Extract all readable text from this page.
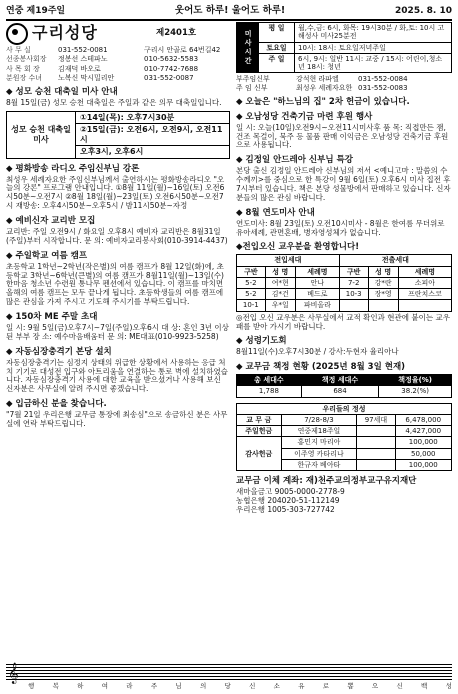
연중 제19주일	웃어도 하루! 울어도 하루!	2025. 8. 10
구리성당	제2401호
사 무 실	031-552-0081	구리시 안골로 64번길42
선종봉사회장	정봉선 스테파노	010-5632-5583
사 목 회 장	김재덕 바오로	010-7742-7688
분원장 수녀	노복신 막시밀리안	031-552-0087
◆ 성모 승천 대축일 미사 안내

8월 15일(금) 성모 승천 대축일은 주일과 같은 의무 대축일입니다.

성모 승천 대축일 미사
①14일(목): 오후7시30분
②15일(금): 오전6시, 오전9시, 오전11시
오후3시, 오후6시
◆ 평화방송 라디오 주임신부님 강론

최성우 세례자요한 주임신부님께서 출연하시는 평화방송라디오 "오늘의 강론" 프로그램 안내입니다. ①8월 11일(월)~16일(토) 오전6시50분~오전7시 ②8월 18일(월)~23일(토) 오전6시50분~오전7시 재방송: 오후4시50분~오후5시 / 밤11시50분~자정

◆ 예비신자 교리반 모집

교리반: 주일 오전9시 / 화요일 오후8시 예비자 교리반은 8월31일(주일)부터 시작합니다. 문 의: 예비자교리봉사회(010-3914-4437)

◆ 주일학교 여름 캠프

초등학교 1학년~2학년(작은별)의 여름 캠프가 8월 12일(화)에, 초등학교 3학년~6학년(큰별)의 여름 캠프가 8월11일(월)~13일(수) 한마음 청소년 수련원 통나무 펜션에서 있습니다. 이 캠프를 마치면 올해의 여름 캠프는 모두 끝나게 됩니다. 초등학생들의 여름 캠프에 많은 관심을 가져 주시고 기도해 주시기를 부탁드립니다.

◆ 150차 ME 주말 초대

일 시: 9월 5일(금)오후7시~7일(주일)오후6시 대 상: 혼인 3년 이상된 부부 장 소: 예수마음배움터 문 의: ME대표(010-9923-5258)

◆ 자동심장충격기 본당 설치

자동심장충격기는 심정지 상태의 위급한 상황에서 사용하는 응급 처치 기기로 대성전 입구와 아트리움을 연결하는 통로 벽에 설치하였습니다. 자동심장충격기 사용에 대한 교육을 받으셨거나 사용해 보신 신자분은 사무실에 알려 주시면 좋겠습니다.

◆ 입금하신 분을 찾습니다.

"7월 21일 우리은행 교무금 통장에 최송심"으로 송금하신 분은 사무실에 연락 부탁드립니다.

미사시간
평 일	월,수,금: 6시, 화목: 19시30분 / 화,토: 10시 고해성사 미사25분전
토요일	10시: 18시: 토요일저녁주일
주 일	6시, 9시: 일반 11시: 교중 / 15시: 어린이,청소년 18시: 청년
부주임신부	강석현 라파엘	031-552-0084
주 임 신부	최성우 세례자요한 031-552-0083
◆ 오늘은 "하느님의 집" 2차 헌금이 있습니다.
◆ 오남성당 건축기금 마련 후원 행사

일 시: 오늘(10일)오전9시~오전11시미사후 품 목: 직접만든 잼, 건조 목걸이, 묵주 등 물품 판매 이익금은 오남성당 건축기금 후원으로 사용됩니다.

◆ 김정일 안드레아 신부님 특강

본당 출신 김정일 안드레아 신부님의 저서 <예니고마 : 말씀의 수수께끼>를 중심으로 한 특강이 9월 6일(토) 오후6시 미사 집전 후 7시부터 있습니다. 책은 본당 성물방에서 판매하고 있습니다. 신자분들의 많은 관심 바랍니다.

◆ 8월 연도미사 안내

연도미사: 8월 23일(토) 오전10시미사 - 8월은 한여름 무더위로 유아세례, 관면혼배, 병자영성체가 없습니다.

◆전입오신 교우분을 환영합니다!
전입세대			전출세대		
구반	성 명	세례명	구반	성 명	세례명
5-2	여*현	안나	7-2	강*란	소피아
5-2	김*건	베드로	10-3	장*영	프란치스코
10-1	우*일	파비올라			

◎전입 오신 교우분은 사무실에서 교적 확인과 현관에 붙이는 교우패를 받아 가시기 바랍니다.

◆ 성령기도회

8월11일(수)오후7시30분 / 강사:두현자 율리아나

◆ 교무금 책정 현황 (2025년 8월 3일 현재)
총 세대수	책정 세대수	책정율(%)
1,788	684	38.2(%)
우리들의 정성			
교 무 금	7/28-8/3	97세대	6,478,000
주일헌금	연중제18주일		4,427,000
감사헌금	홍민지 마리아		100,000
	이주영 카타리나		50,000
	한규자 베아타		100,000
교무금 이체 계좌: 재)천주교의정부교구유지재단

새마을금고 9005-0000-2778-9

농협은행 204020-51-112149

우리은행 1005-303-727742

𝄞
행	복	하	여	라	주	님	의	당	신	소	유	로	뽑	으	신	백	성
